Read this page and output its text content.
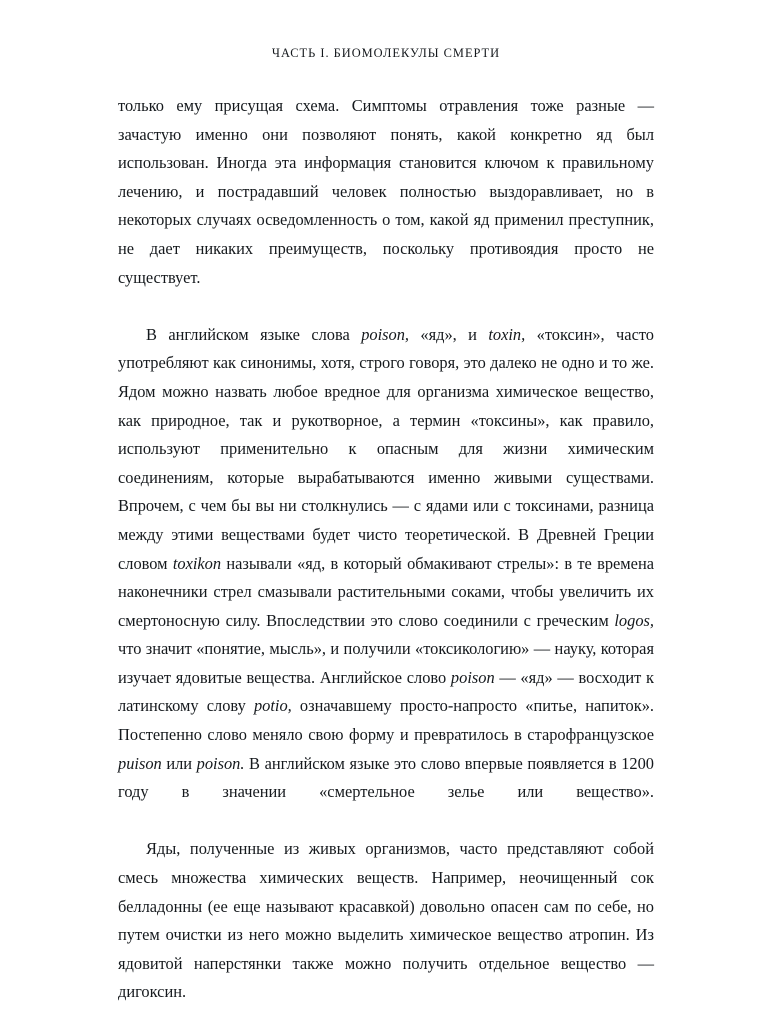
ЧАСТЬ I. БИОМОЛЕКУЛЫ СМЕРТИ

только ему присущая схема. Симптомы отравления тоже разные — зачастую именно они позволяют понять, какой конкретно яд был использован. Иногда эта информация становится ключом к правильному лечению, и пострадавший человек полностью выздоравливает, но в некоторых случаях осведомленность о том, какой яд применил преступник, не дает никаких преимуществ, поскольку противоядия просто не существует.

В английском языке слова poison, «яд», и toxin, «токсин», часто употребляют как синонимы, хотя, строго говоря, это далеко не одно и то же. Ядом можно назвать любое вредное для организма химическое вещество, как природное, так и рукотворное, а термин «токсины», как правило, используют применительно к опасным для жизни химическим соединениям, которые вырабатываются именно живыми существами. Впрочем, с чем бы вы ни столкнулись — с ядами или с токсинами, разница между этими веществами будет чисто теоретической. В Древней Греции словом toxikon называли «яд, в который обмакивают стрелы»: в те времена наконечники стрел смазывали растительными соками, чтобы увеличить их смертоносную силу. Впоследствии это слово соединили с греческим logos, что значит «понятие, мысль», и получили «токсикологию» — науку, которая изучает ядовитые вещества. Английское слово poison — «яд» — восходит к латинскому слову potio, означавшему просто-напросто «питье, напиток». Постепенно слово меняло свою форму и превратилось в старофранцузское puison или poison. В английском языке это слово впервые появляется в 1200 году в значении «смертельное зелье или вещество».

Яды, полученные из живых организмов, часто представляют собой смесь множества химических веществ. Например, неочищенный сок белладонны (ее еще называют красавкой) довольно опасен сам по себе, но путем очистки из него можно выделить химическое вещество атропин. Из ядовитой наперстянки также можно получить отдельное вещество — дигоксин.
